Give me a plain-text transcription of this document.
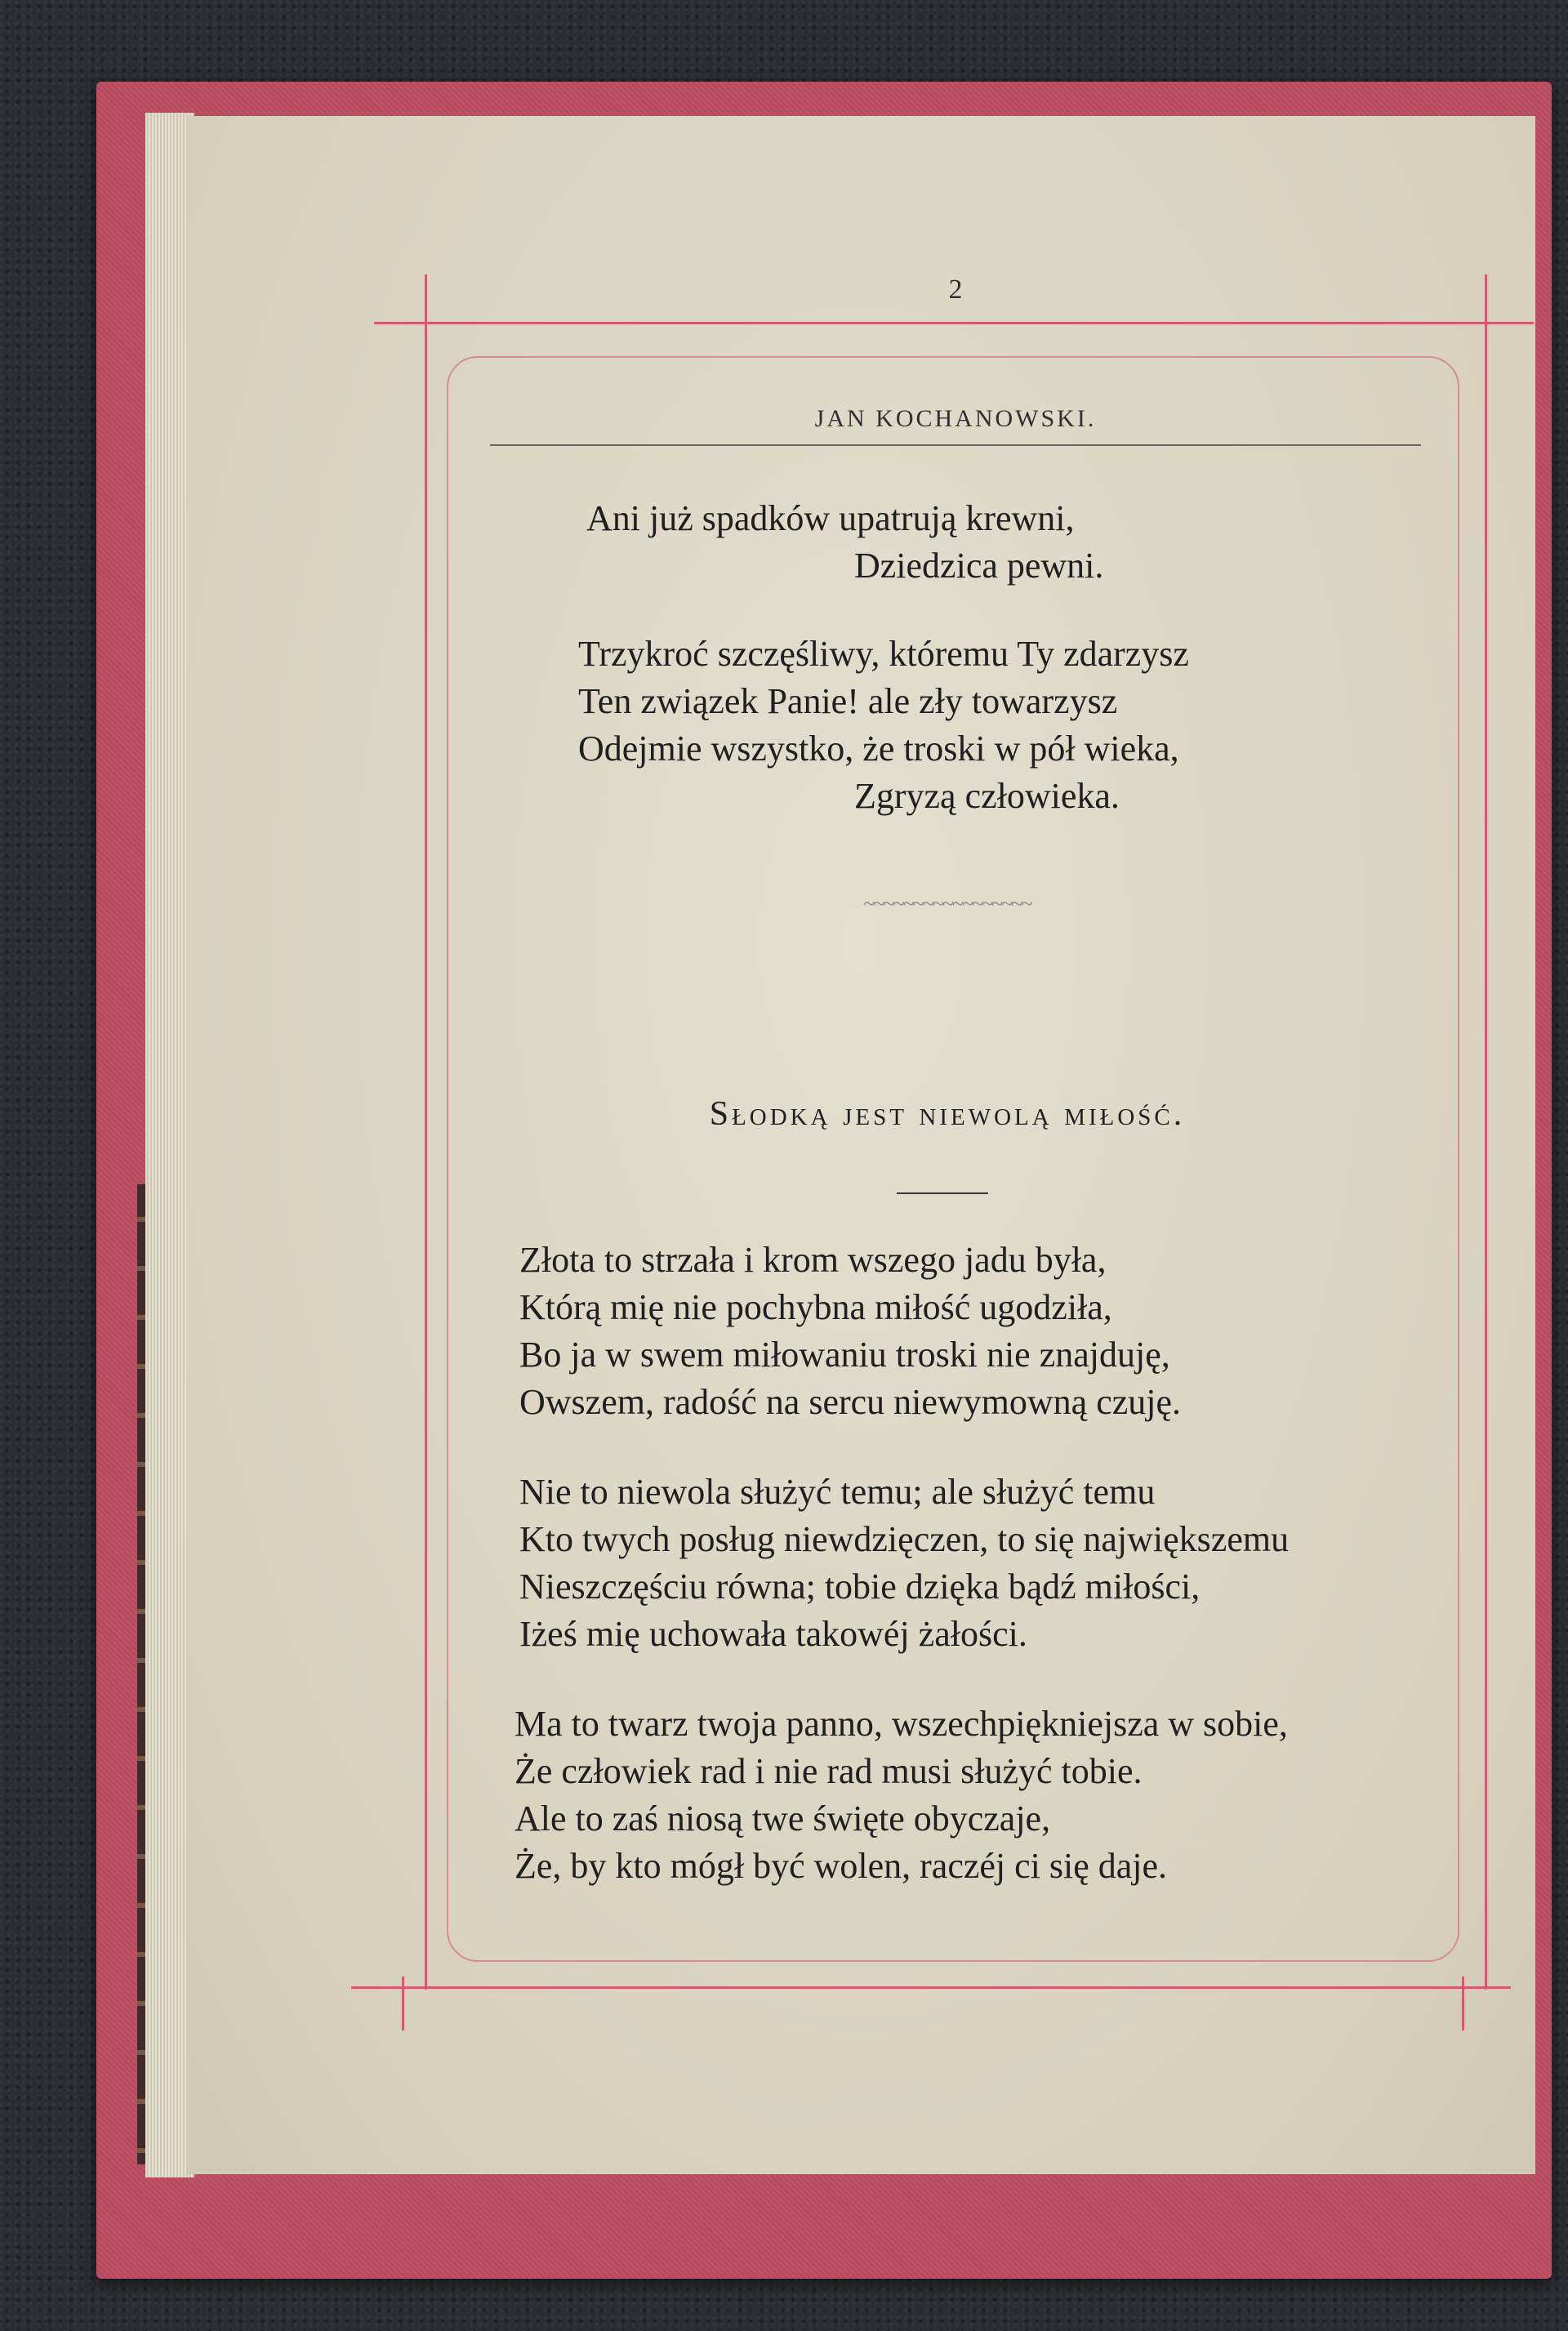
2
JAN KOCHANOWSKI.

Ani już spadków upatrują krewni,

Dziedzica pewni.

Trzykroć szczęśliwy, któremu Ty zdarzysz

Ten związek Panie! ale zły towarzysz

Odejmie wszystko, że troski w pół wieka,

Zgryzą człowieka.

~~~~~~~~~~~~~~~~~
Słodką jest niewolą miłość.

Złota to strzała i krom wszego jadu była,

Którą mię nie pochybna miłość ugodziła,

Bo ja w swem miłowaniu troski nie znajduję,

Owszem, radość na sercu niewymowną czuję.

Nie to niewola służyć temu; ale służyć temu

Kto twych posług niewdzięczen, to się największemu

Nieszczęściu równa; tobie dzięka bądź miłości,

Iżeś mię uchowała takowéj żałości.

Ma to twarz twoja panno, wszechpiękniejsza w sobie,

Że człowiek rad i nie rad musi służyć tobie.

Ale to zaś niosą twe święte obyczaje,

Że, by kto mógł być wolen, raczéj ci się daje.
